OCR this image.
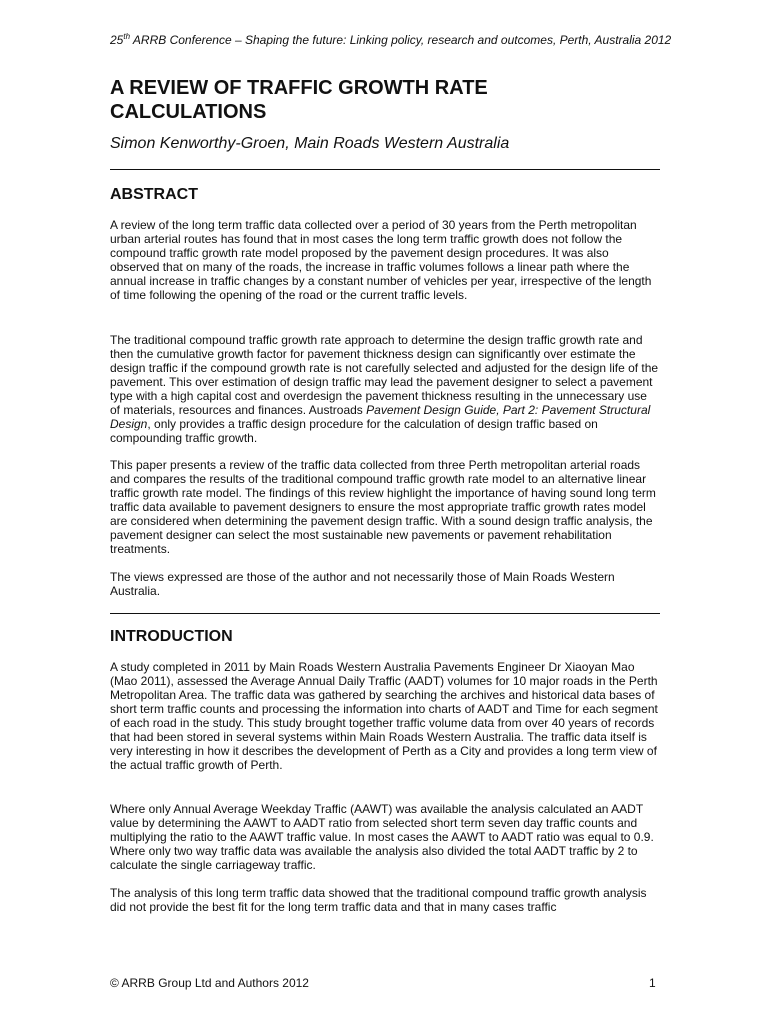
25th ARRB Conference – Shaping the future: Linking policy, research and outcomes, Perth, Australia 2012
A REVIEW OF TRAFFIC GROWTH RATE
CALCULATIONS
Simon Kenworthy-Groen, Main Roads Western Australia
ABSTRACT

A review of the long term traffic data collected over a period of 30 years from the Perth metropolitan urban arterial routes has found that in most cases the long term traffic growth does not follow the compound traffic growth rate model proposed by the pavement design procedures. It was also observed that on many of the roads, the increase in traffic volumes follows a linear path where the annual increase in traffic changes by a constant number of vehicles per year, irrespective of the length of time following the opening of the road or the current traffic levels.

The traditional compound traffic growth rate approach to determine the design traffic growth rate and then the cumulative growth factor for pavement thickness design can significantly over estimate the design traffic if the compound growth rate is not carefully selected and adjusted for the design life of the pavement. This over estimation of design traffic may lead the pavement designer to select a pavement type with a high capital cost and overdesign the pavement thickness resulting in the unnecessary use of materials, resources and finances. Austroads Pavement Design Guide, Part 2: Pavement Structural Design, only provides a traffic design procedure for the calculation of design traffic based on compounding traffic growth.

This paper presents a review of the traffic data collected from three Perth metropolitan arterial roads and compares the results of the traditional compound traffic growth rate model to an alternative linear traffic growth rate model. The findings of this review highlight the importance of having sound long term traffic data available to pavement designers to ensure the most appropriate traffic growth rates model are considered when determining the pavement design traffic. With a sound design traffic analysis, the pavement designer can select the most sustainable new pavements or pavement rehabilitation treatments.

The views expressed are those of the author and not necessarily those of Main Roads Western Australia.

INTRODUCTION

A study completed in 2011 by Main Roads Western Australia Pavements Engineer Dr Xiaoyan Mao (Mao 2011), assessed the Average Annual Daily Traffic (AADT) volumes for 10 major roads in the Perth Metropolitan Area. The traffic data was gathered by searching the archives and historical data bases of short term traffic counts and processing the information into charts of AADT and Time for each segment of each road in the study. This study brought together traffic volume data from over 40 years of records that had been stored in several systems within Main Roads Western Australia. The traffic data itself is very interesting in how it describes the development of Perth as a City and provides a long term view of the actual traffic growth of Perth.

Where only Annual Average Weekday Traffic (AAWT) was available the analysis calculated an AADT value by determining the AAWT to AADT ratio from selected short term seven day traffic counts and multiplying the ratio to the AAWT traffic value. In most cases the AAWT to AADT ratio was equal to 0.9. Where only two way traffic data was available the analysis also divided the total AADT traffic by 2 to calculate the single carriageway traffic.

The analysis of this long term traffic data showed that the traditional compound traffic growth analysis did not provide the best fit for the long term traffic data and that in many cases traffic

© ARRB Group Ltd and Authors 2012	1
